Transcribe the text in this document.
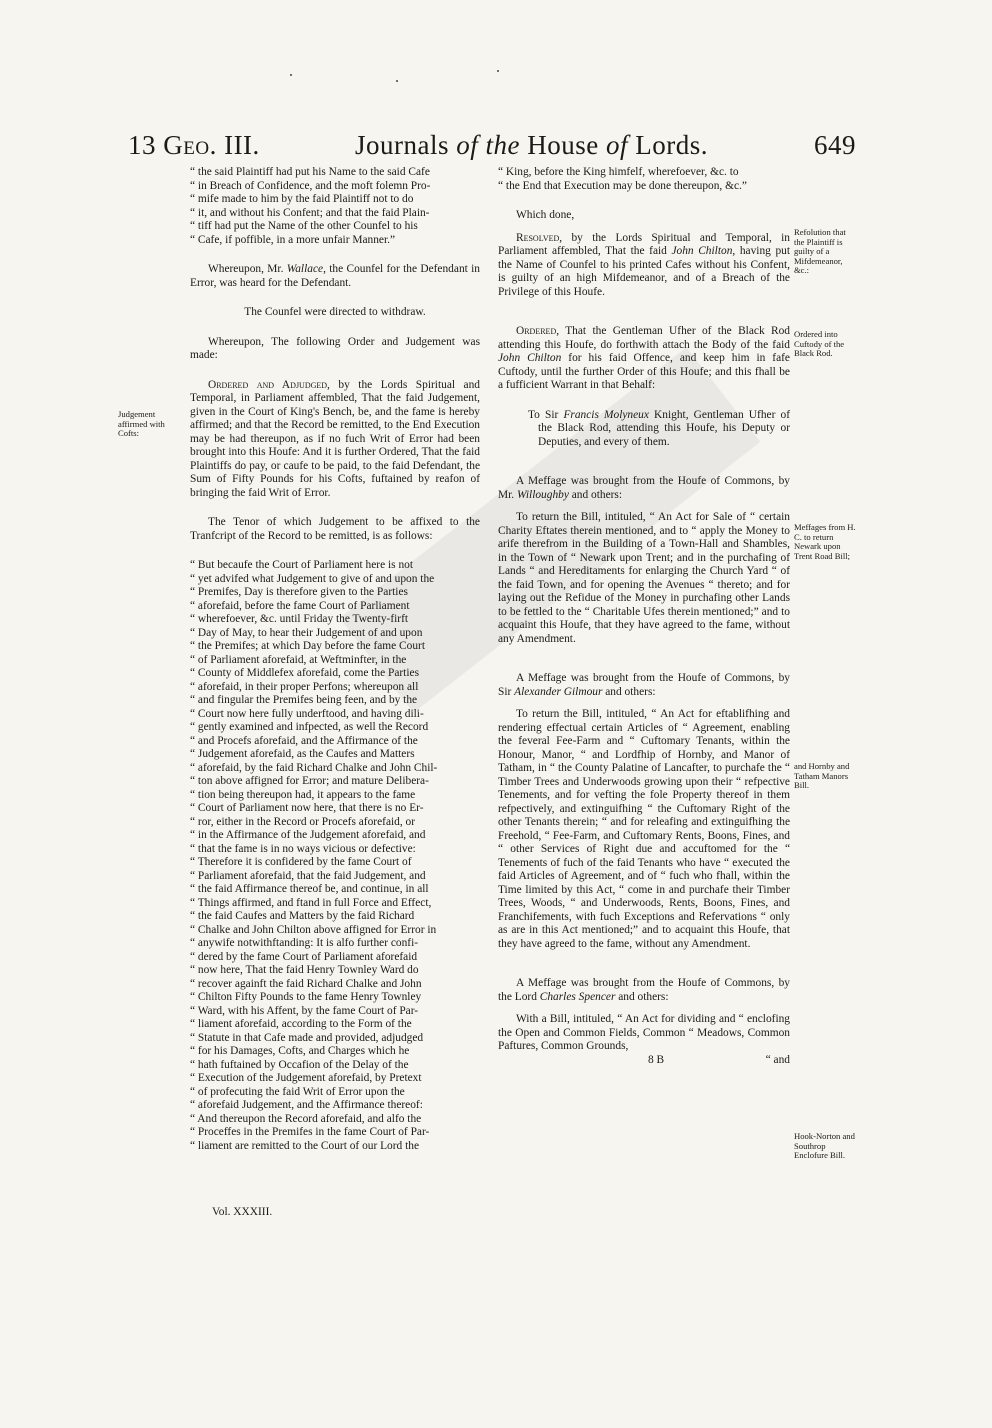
13 Geo. III.	Journals of the House of Lords.	649

“ the said Plaintiff had put his Name to the said Cafe

“ in Breach of Confidence, and the moft folemn Pro-

“ mife made to him by the faid Plaintiff not to do

“ it, and without his Confent; and that the faid Plain-

“ tiff had put the Name of the other Counfel to his

“ Cafe, if poffible, in a more unfair Manner.”

Whereupon, Mr. Wallace, the Counfel for the Defendant in Error, was heard for the Defendant.

The Counfel were directed to withdraw.

Whereupon, The following Order and Judgement was made:

Ordered and Adjudged, by the Lords Spiritual and Temporal, in Parliament affembled, That the faid Judgement, given in the Court of King's Bench, be, and the fame is hereby affirmed; and that the Record be remitted, to the End Execution may be had thereupon, as if no fuch Writ of Error had been brought into this Houfe: And it is further Ordered, That the faid Plaintiffs do pay, or caufe to be paid, to the faid Defendant, the Sum of Fifty Pounds for his Cofts, fuftained by reafon of bringing the faid Writ of Error.

The Tenor of which Judgement to be affixed to the Tranfcript of the Record to be remitted, is as follows:

“ But becaufe the Court of Parliament here is not

“ yet advifed what Judgement to give of and upon the

“ Premifes, Day is therefore given to the Parties

“ aforefaid, before the fame Court of Parliament

“ wherefoever, &c. until Friday the Twenty-firft

“ Day of May, to hear their Judgement of and upon

“ the Premifes; at which Day before the fame Court

“ of Parliament aforefaid, at Weftminfter, in the

“ County of Middlefex aforefaid, come the Parties

“ aforefaid, in their proper Perfons; whereupon all

“ and fingular the Premifes being feen, and by the

“ Court now here fully underftood, and having dili-

“ gently examined and infpected, as well the Record

“ and Procefs aforefaid, and the Affirmance of the

“ Judgement aforefaid, as the Caufes and Matters

“ aforefaid, by the faid Richard Chalke and John Chil-

“ ton above affigned for Error; and mature Delibera-

“ tion being thereupon had, it appears to the fame

“ Court of Parliament now here, that there is no Er-

“ ror, either in the Record or Procefs aforefaid, or

“ in the Affirmance of the Judgement aforefaid, and

“ that the fame is in no ways vicious or defective:

“ Therefore it is confidered by the fame Court of

“ Parliament aforefaid, that the faid Judgement, and

“ the faid Affirmance thereof be, and continue, in all

“ Things affirmed, and ftand in full Force and Effect,

“ the faid Caufes and Matters by the faid Richard

“ Chalke and John Chilton above affigned for Error in

“ anywife notwithftanding: It is alfo further confi-

“ dered by the fame Court of Parliament aforefaid

“ now here, That the faid Henry Townley Ward do

“ recover againft the faid Richard Chalke and John

“ Chilton Fifty Pounds to the fame Henry Townley

“ Ward, with his Affent, by the fame Court of Par-

“ liament aforefaid, according to the Form of the

“ Statute in that Cafe made and provided, adjudged

“ for his Damages, Cofts, and Charges which he

“ hath fuftained by Occafion of the Delay of the

“ Execution of the Judgement aforefaid, by Pretext

“ of profecuting the faid Writ of Error upon the

“ aforefaid Judgement, and the Affirmance thereof:

“ And thereupon the Record aforefaid, and alfo the

“ Proceffes in the Premifes in the fame Court of Par-

“ liament are remitted to the Court of our Lord the

Judgement affirmed with Cofts:
Vol. XXXIII.

“ King, before the King himfelf, wherefoever, &c. to

“ the End that Execution may be done thereupon, &c.”

Which done,

Resolved, by the Lords Spiritual and Temporal, in Parliament affembled, That the faid John Chilton, having put the Name of Counfel to his printed Cafes without his Confent, is guilty of an high Mifdemeanor, and of a Breach of the Privilege of this Houfe.

Ordered, That the Gentleman Ufher of the Black Rod attending this Houfe, do forthwith attach the Body of the faid John Chilton for his faid Offence, and keep him in fafe Cuftody, until the further Order of this Houfe; and this fhall be a fufficient Warrant in that Behalf:

To Sir Francis Molyneux Knight, Gentleman Ufher of the Black Rod, attending this Houfe, his Deputy or Deputies, and every of them.

A Meffage was brought from the Houfe of Commons, by Mr. Willoughby and others:

To return the Bill, intituled, “ An Act for Sale of “ certain Charity Eftates therein mentioned, and to “ apply the Money to arife therefrom in the Building of a Town-Hall and Shambles, in the Town of “ Newark upon Trent; and in the purchafing of Lands “ and Hereditaments for enlarging the Church Yard “ of the faid Town, and for opening the Avenues “ thereto; and for laying out the Refidue of the Money in purchafing other Lands to be fettled to the “ Charitable Ufes therein mentioned;” and to acquaint this Houfe, that they have agreed to the fame, without any Amendment.

A Meffage was brought from the Houfe of Commons, by Sir Alexander Gilmour and others:

To return the Bill, intituled, “ An Act for eftablifhing and rendering effectual certain Articles of “ Agreement, enabling the feveral Fee-Farm and “ Cuftomary Tenants, within the Honour, Manor, “ and Lordfhip of Hornby, and Manor of Tatham, in “ the County Palatine of Lancafter, to purchafe the “ Timber Trees and Underwoods growing upon their “ refpective Tenements, and for vefting the fole Property thereof in them refpectively, and extinguifhing “ the Cuftomary Right of the other Tenants therein; “ and for releafing and extinguifhing the Freehold, “ Fee-Farm, and Cuftomary Rents, Boons, Fines, and “ other Services of Right due and accuftomed for the “ Tenements of fuch of the faid Tenants who have “ executed the faid Articles of Agreement, and of “ fuch who fhall, within the Time limited by this Act, “ come in and purchafe their Timber Trees, Woods, “ and Underwoods, Rents, Boons, Fines, and Franchifements, with fuch Exceptions and Refervations “ only as are in this Act mentioned;” and to acquaint this Houfe, that they have agreed to the fame, without any Amendment.

A Meffage was brought from the Houfe of Commons, by the Lord Charles Spencer and others:

With a Bill, intituled, “ An Act for dividing and “ enclofing the Open and Common Fields, Common “ Meadows, Common Paftures, Common Grounds,

8 B	“ and

Refolution that the Plaintiff is guilty of a Mifdemeanor, &c.:
Ordered into Cuftody of the Black Rod.
Meffages from H. C. to return Newark upon Trent Road Bill;
and Hornby and Tatham Manors Bill.
Hook-Norton and Southrop Enclofure Bill.
